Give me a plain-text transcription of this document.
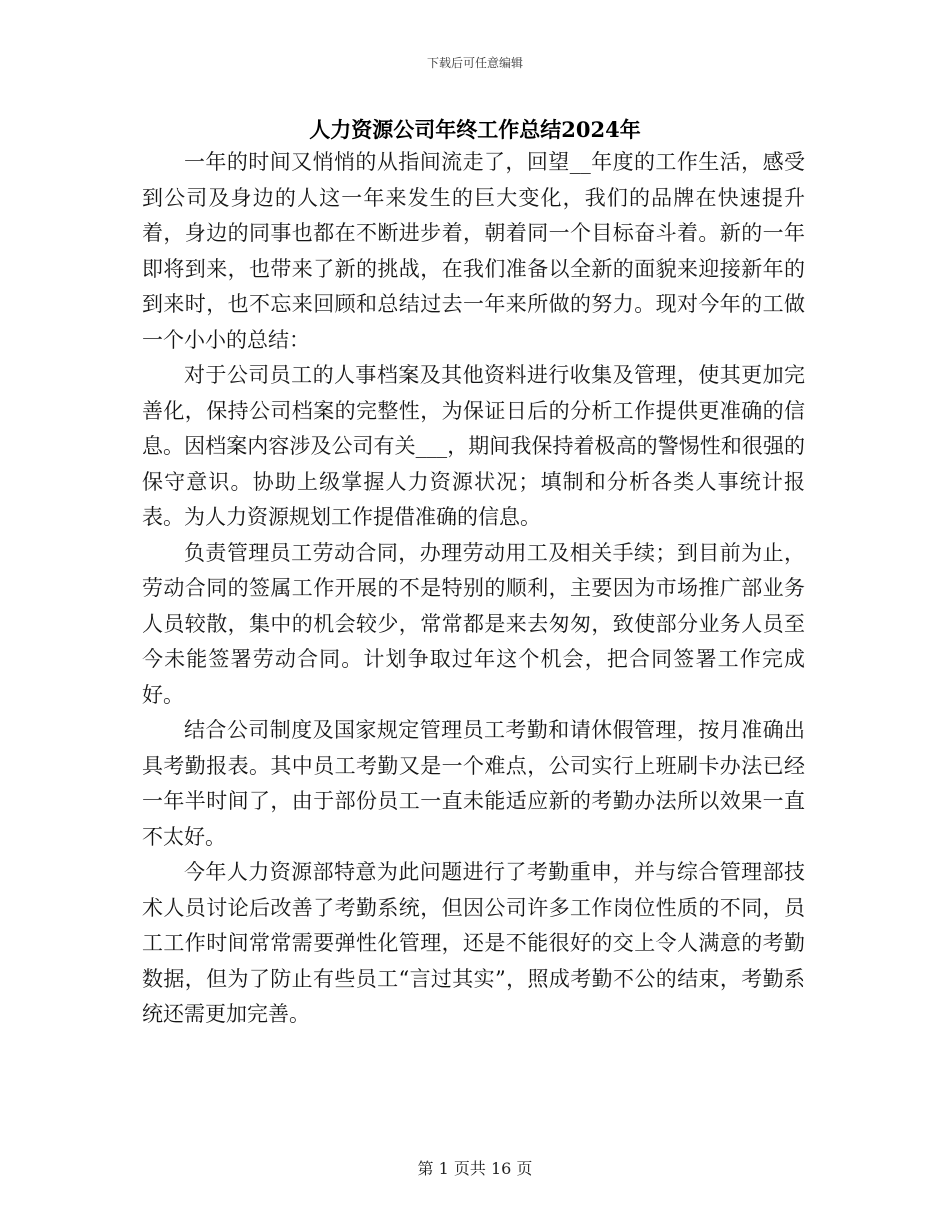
下载后可任意编辑
人力资源公司年终工作总结2024年

一年的时间又悄悄的从指间流走了，回望__年度的工作生活，感受到公司及身边的人这一年来发生的巨大变化，我们的品牌在快速提升着，身边的同事也都在不断进步着，朝着同一个目标奋斗着。新的一年即将到来，也带来了新的挑战，在我们准备以全新的面貌来迎接新年的到来时，也不忘来回顾和总结过去一年来所做的努力。现对今年的工做一个小小的总结：

对于公司员工的人事档案及其他资料进行收集及管理，使其更加完善化，保持公司档案的完整性，为保证日后的分析工作提供更准确的信息。因档案内容涉及公司有关___，期间我保持着极高的警惕性和很强的保守意识。协助上级掌握人力资源状况；填制和分析各类人事统计报表。为人力资源规划工作提借准确的信息。

负责管理员工劳动合同，办理劳动用工及相关手续；到目前为止，劳动合同的签属工作开展的不是特别的顺利，主要因为市场推广部业务人员较散，集中的机会较少，常常都是来去匆匆，致使部分业务人员至今未能签署劳动合同。计划争取过年这个机会，把合同签署工作完成好。

结合公司制度及国家规定管理员工考勤和请休假管理，按月准确出具考勤报表。其中员工考勤又是一个难点，公司实行上班刷卡办法已经一年半时间了，由于部份员工一直未能适应新的考勤办法所以效果一直不太好。

今年人力资源部特意为此问题进行了考勤重申，并与综合管理部技术人员讨论后改善了考勤系统，但因公司许多工作岗位性质的不同，员工工作时间常常需要弹性化管理，还是不能很好的交上令人满意的考勤数据，但为了防止有些员工“言过其实”，照成考勤不公的结束，考勤系统还需更加完善。

第 1 页共 16 页
